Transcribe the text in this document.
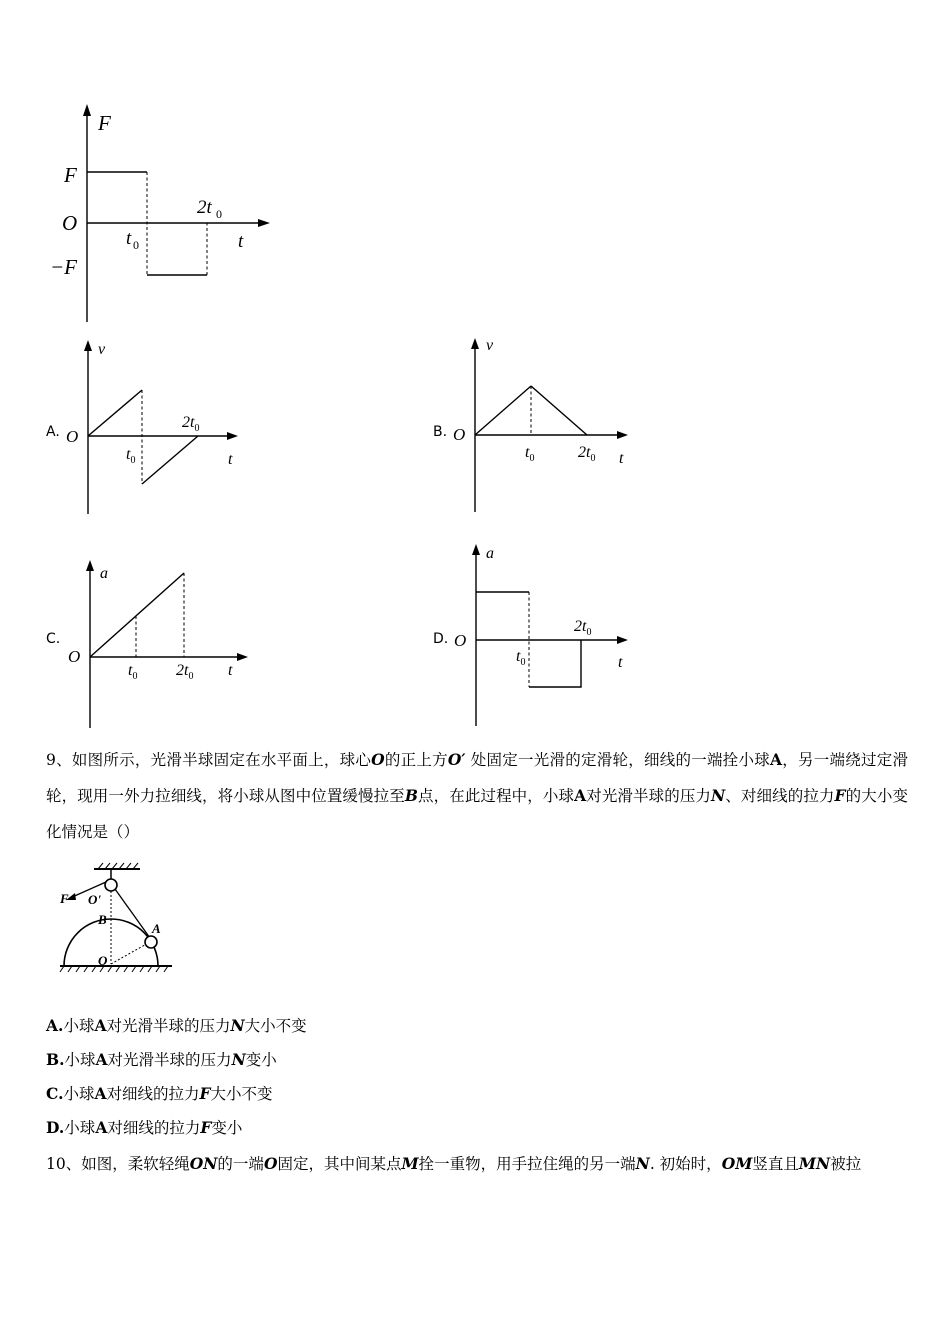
F
F
O
−F
t 0
2t 0
t
A.
v
O
$t_0$
$2t_0$
t
B.
v
O
$t_0$	$2t_0$ t
C.
a
O
$t_0$ $2t_0$ t
D.
a
O
$t_0$
$2t_0$
t
9、如图所示，光滑半球固定在水平面上，球心O的正上方O′ 处固定一光滑的定滑轮，细线的一端拴小球A，另一端绕过定滑轮，现用一外力拉细线，将小球从图中位置缓慢拉至B点，在此过程中，小球A对光滑半球的压力N、对细线的拉力F的大小变化情况是（）
F O'
B
A
O
A.小球A对光滑半球的压力N大小不变
B.小球A对光滑半球的压力N变小
C.小球A对细线的拉力F大小不变
D.小球A对细线的拉力F变小
10、如图，柔软轻绳ON的一端O固定，其中间某点M拴一重物，用手拉住绳的另一端N. 初始时，OM竖直且MN被拉
